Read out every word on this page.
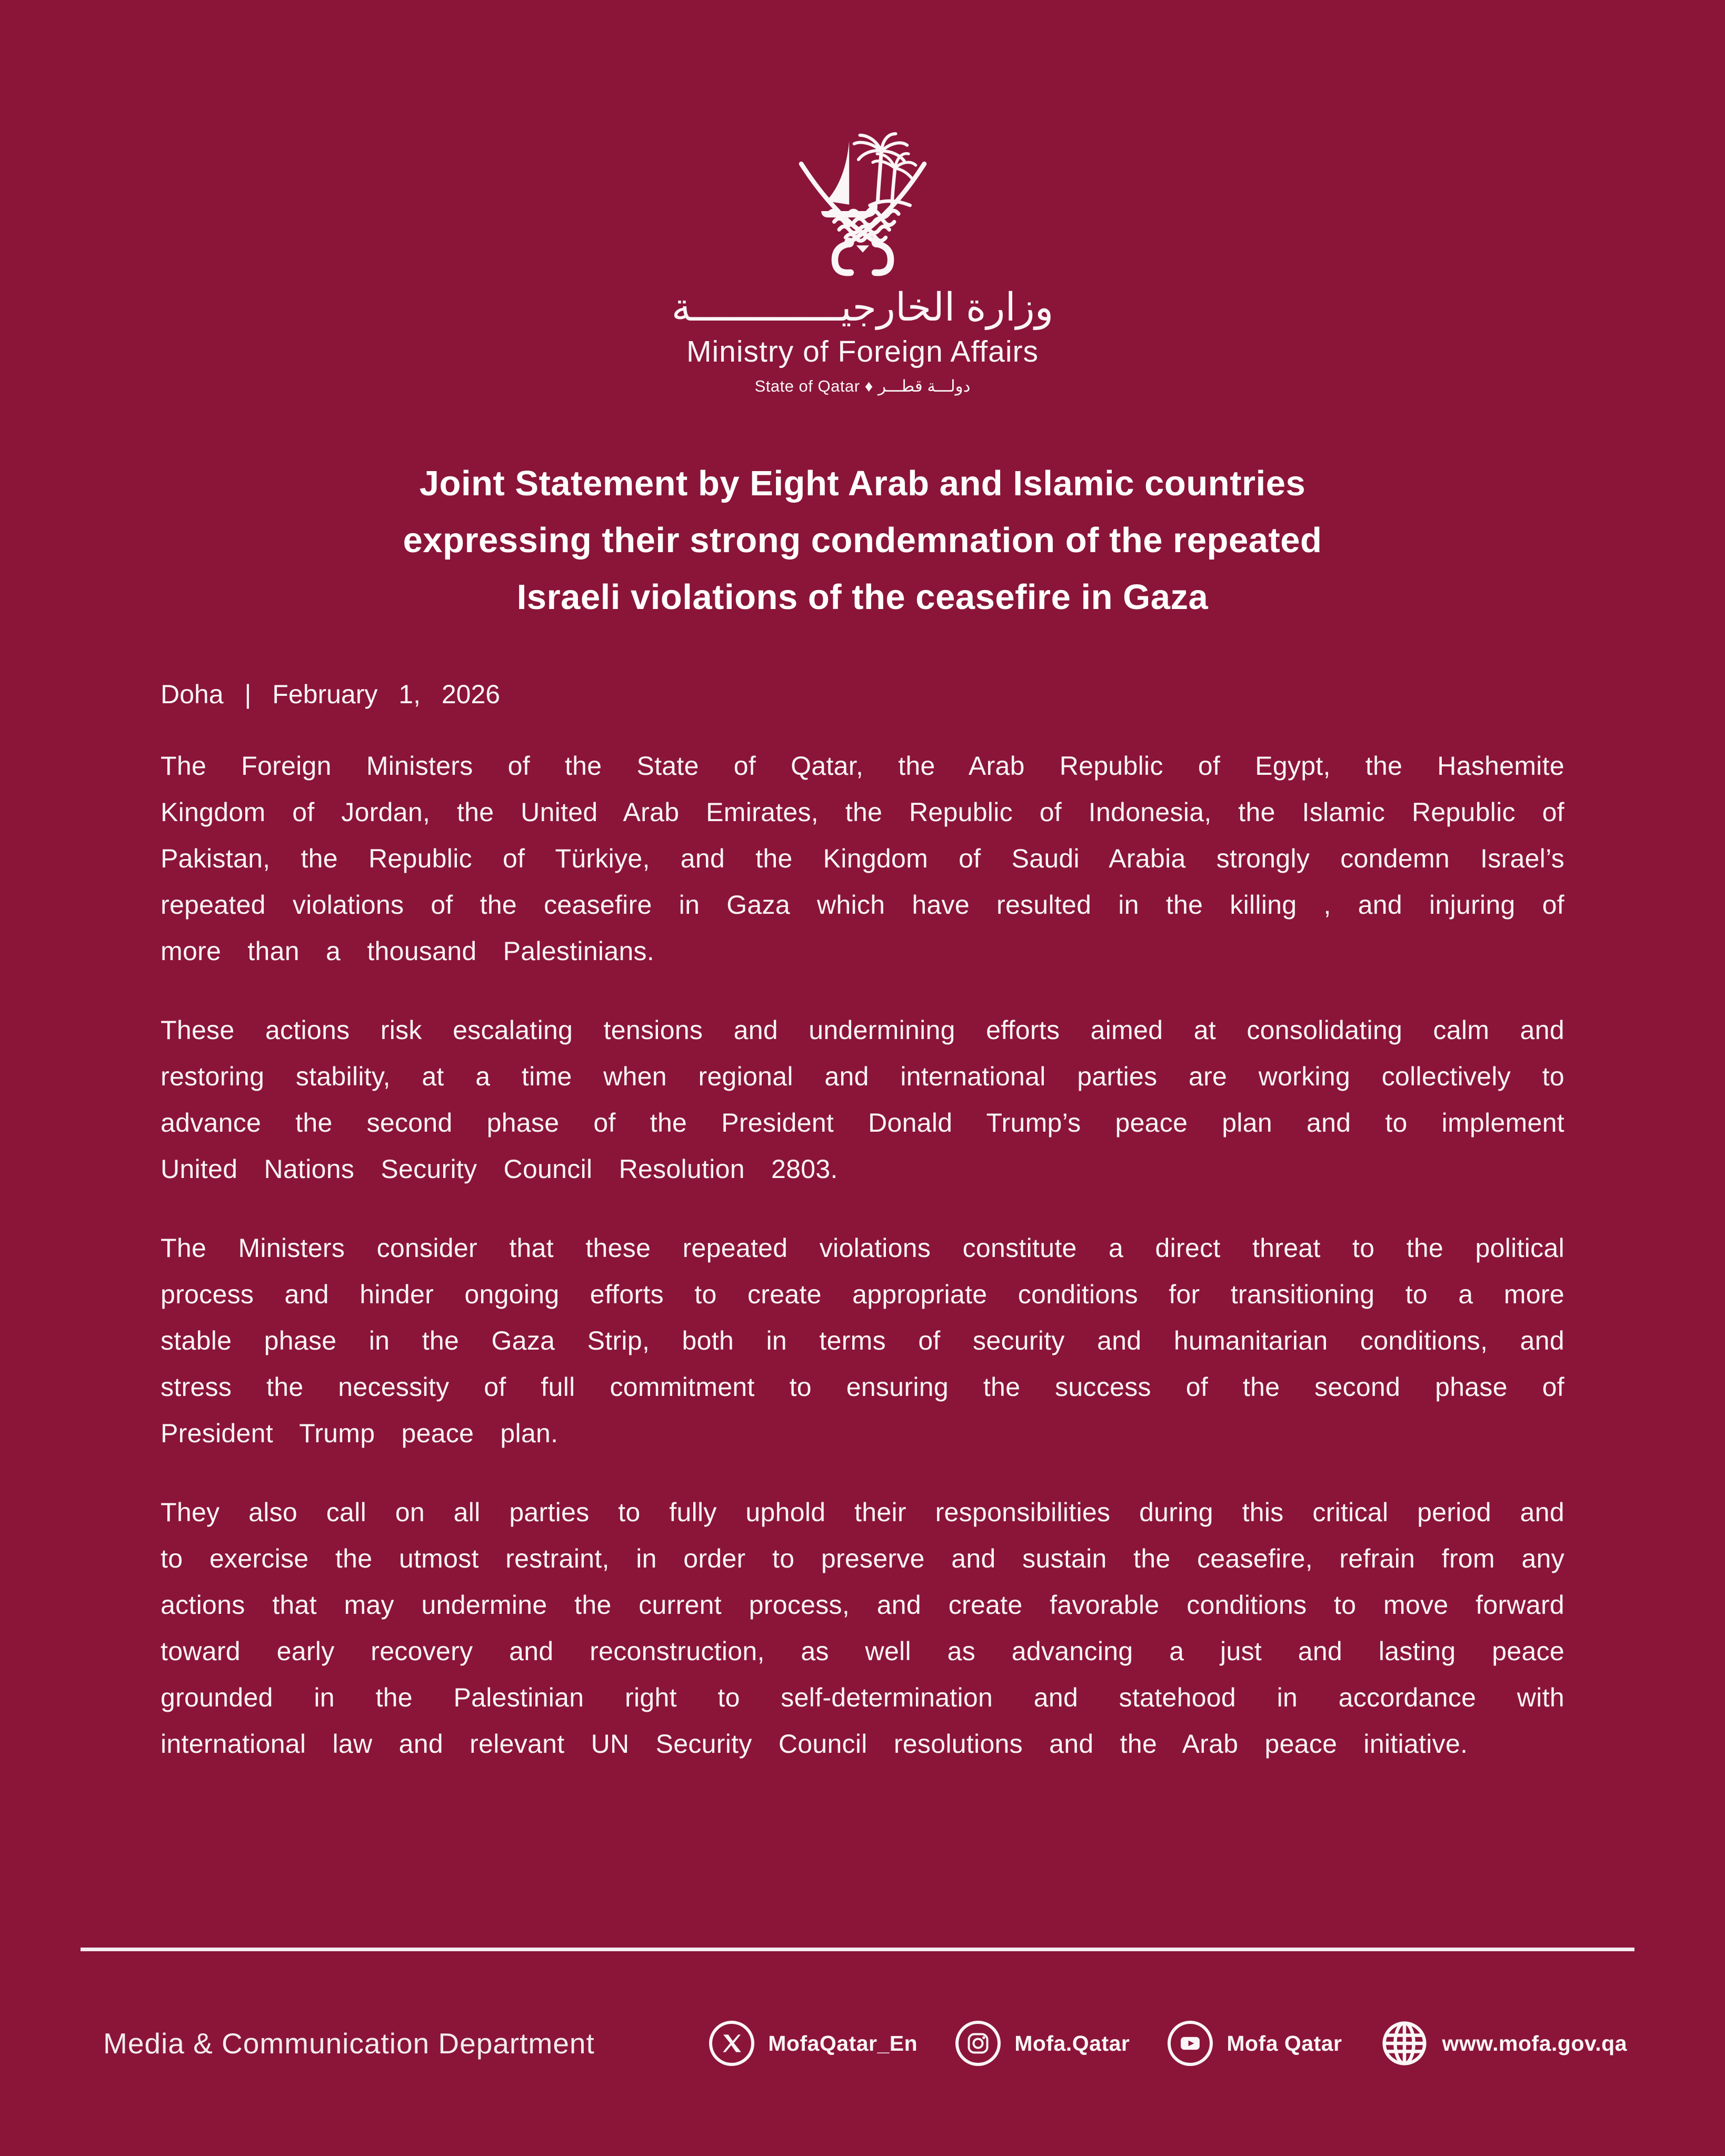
وزارة الخارجيـــــــــــــة
Ministry of Foreign Affairs
State of Qatar ♦ دولـــة قطـــر
Joint Statement by Eight Arab and Islamic countries
expressing their strong condemnation of the repeated
Israeli violations of the ceasefire in Gaza
Doha | February 1, 2026

The Foreign Ministers of the State of Qatar, the Arab Republic of Egypt, the Hashemite Kingdom of Jordan, the United Arab Emirates, the Republic of Indonesia, the Islamic Republic of Pakistan, the Republic of Türkiye, and the Kingdom of Saudi Arabia strongly condemn Israel’s repeated violations of the ceasefire in Gaza which have resulted in the killing , and injuring of more than a thousand Palestinians.

These actions risk escalating tensions and undermining efforts aimed at consolidating calm and restoring stability, at a time when regional and international parties are working collectively to advance the second phase of the President Donald Trump’s peace plan and to implement United Nations Security Council Resolution 2803.

The Ministers consider that these repeated violations constitute a direct threat to the political process and hinder ongoing efforts to create appropriate conditions for transitioning to a more stable phase in the Gaza Strip, both in terms of security and humanitarian conditions, and stress the necessity of full commitment to ensuring the success of the second phase of President Trump peace plan.

They also call on all parties to fully uphold their responsibilities during this critical period and to exercise the utmost restraint, in order to preserve and sustain the ceasefire, refrain from any actions that may undermine the current process, and create favorable conditions to move forward toward early recovery and reconstruction, as well as advancing a just and lasting peace grounded in the Palestinian right to self-determination and statehood in accordance with international law and relevant UN Security Council resolutions and the Arab peace initiative.

Media & Communication Department	MofaQatar_En	Mofa.Qatar	Mofa Qatar	www.mofa.gov.qa
